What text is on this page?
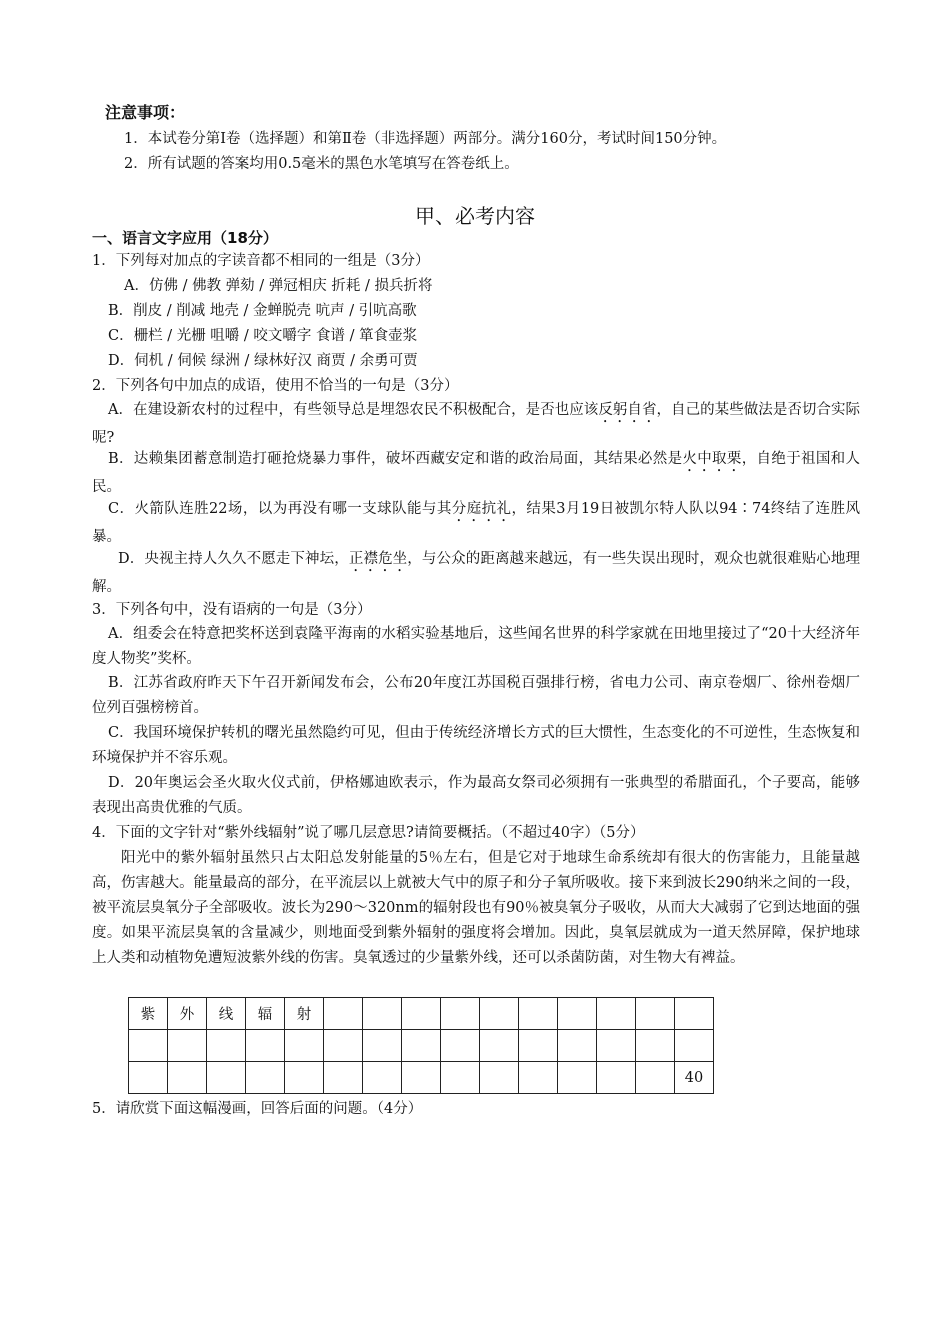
注意事项：

1．本试卷分第Ⅰ卷（选择题）和第Ⅱ卷（非选择题）两部分。满分160分，考试时间150分钟。

2．所有试题的答案均用0.5毫米的黑色水笔填写在答卷纸上。

甲、必考内容

一、语言文字应用（18分）

1．下列每对加点的字读音都不相同的一组是（3分）

A．仿佛 / 佛教 弹劾 / 弹冠相庆 折耗 / 损兵折将

B．削皮 / 削减 地壳 / 金蝉脱壳 吭声 / 引吭高歌

C．栅栏 / 光栅 咀嚼 / 咬文嚼字 食谱 / 箪食壶浆

D．伺机 / 伺候 绿洲 / 绿林好汉 商贾 / 余勇可贾

2．下列各句中加点的成语，使用不恰当的一句是（3分）

A．在建设新农村的过程中，有些领导总是埋怨农民不积极配合，是否也应该反躬自省，自己的某些做法是否切合实际呢?

B．达赖集团蓄意制造打砸抢烧暴力事件，破坏西藏安定和谐的政治局面，其结果必然是火中取栗，自绝于祖国和人民。

C．火箭队连胜22场，以为再没有哪一支球队能与其分庭抗礼，结果3月19日被凯尔特人队以94∶74终结了连胜风暴。

D．央视主持人久久不愿走下神坛，正襟危坐，与公众的距离越来越远，有一些失误出现时，观众也就很难贴心地理解。

3．下列各句中，没有语病的一句是（3分）

A．组委会在特意把奖杯送到袁隆平海南的水稻实验基地后，这些闻名世界的科学家就在田地里接过了“20十大经济年度人物奖”奖杯。

B．江苏省政府昨天下午召开新闻发布会，公布20年度江苏国税百强排行榜，省电力公司、南京卷烟厂、徐州卷烟厂位列百强榜榜首。

C．我国环境保护转机的曙光虽然隐约可见，但由于传统经济增长方式的巨大惯性，生态变化的不可逆性，生态恢复和环境保护并不容乐观。

D．20年奥运会圣火取火仪式前，伊格娜迪欧表示，作为最高女祭司必须拥有一张典型的希腊面孔，个子要高，能够表现出高贵优雅的气质。

4．下面的文字针对“紫外线辐射”说了哪几层意思?请简要概括。（不超过40字）（5分）

阳光中的紫外辐射虽然只占太阳总发射能量的5％左右，但是它对于地球生命系统却有很大的伤害能力，且能量越高，伤害越大。能量最高的部分，在平流层以上就被大气中的原子和分子氧所吸收。接下来到波长290纳米之间的一段，被平流层臭氧分子全部吸收。波长为290～320nm的辐射段也有90％被臭氧分子吸收，从而大大减弱了它到达地面的强度。如果平流层臭氧的含量减少，则地面受到紫外辐射的强度将会增加。因此，臭氧层就成为一道天然屏障，保护地球上人类和动植物免遭短波紫外线的伤害。臭氧透过的少量紫外线，还可以杀菌防菌，对生物大有裨益。

紫	外	线	辐	射										

														40

5．请欣赏下面这幅漫画，回答后面的问题。（4分）
